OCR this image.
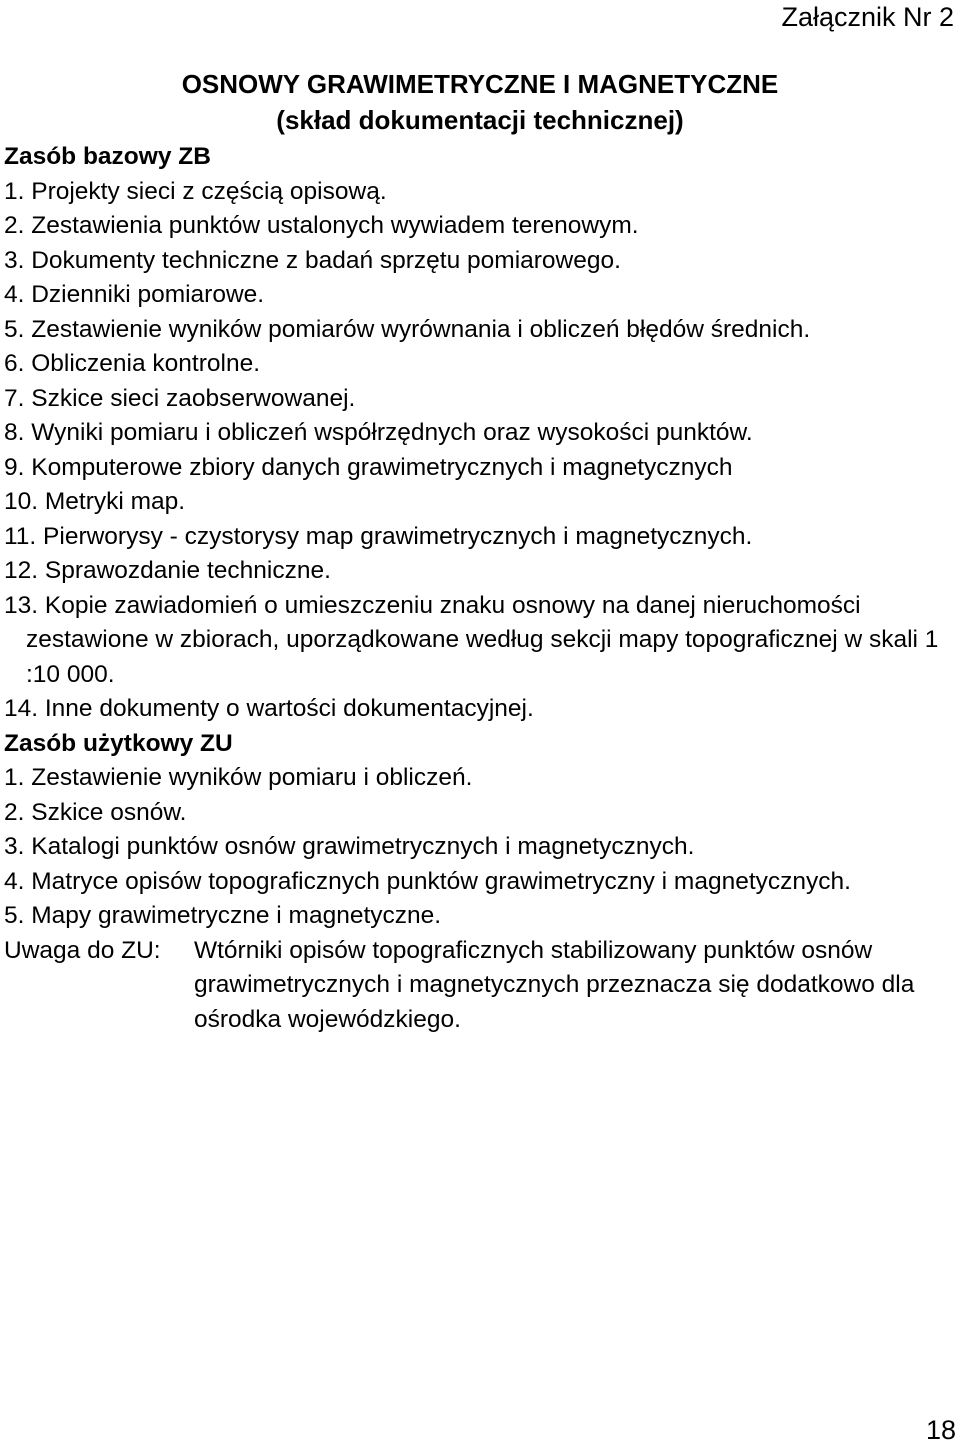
Załącznik Nr 2
OSNOWY GRAWIMETRYCZNE I MAGNETYCZNE
(skład dokumentacji technicznej)
Zasób bazowy ZB
1. Projekty sieci z częścią opisową.
2. Zestawienia punktów ustalonych wywiadem terenowym.
3. Dokumenty techniczne z badań sprzętu pomiarowego.
4. Dzienniki pomiarowe.
5. Zestawienie wyników pomiarów wyrównania i obliczeń błędów średnich.
6. Obliczenia kontrolne.
7. Szkice sieci zaobserwowanej.
8. Wyniki pomiaru i obliczeń współrzędnych oraz wysokości punktów.
9. Komputerowe zbiory danych grawimetrycznych i magnetycznych
10. Metryki map.
11. Pierworysy - czystorysy map grawimetrycznych i magnetycznych.
12. Sprawozdanie techniczne.
13. Kopie zawiadomień o umieszczeniu znaku osnowy na danej nieruchomości zestawione w zbiorach, uporządkowane według sekcji mapy topograficznej w skali 1 :10 000.
14. Inne dokumenty o wartości dokumentacyjnej.
Zasób użytkowy ZU
1. Zestawienie wyników pomiaru i obliczeń.
2. Szkice osnów.
3. Katalogi punktów osnów grawimetrycznych i magnetycznych.
4. Matryce opisów topograficznych punktów grawimetryczny i magnetycznych.
5. Mapy grawimetryczne i magnetyczne.
Uwaga do ZU: Wtórniki opisów topograficznych stabilizowany punktów osnów grawimetrycznych i magnetycznych przeznacza się dodatkowo dla ośrodka wojewódzkiego.
18
